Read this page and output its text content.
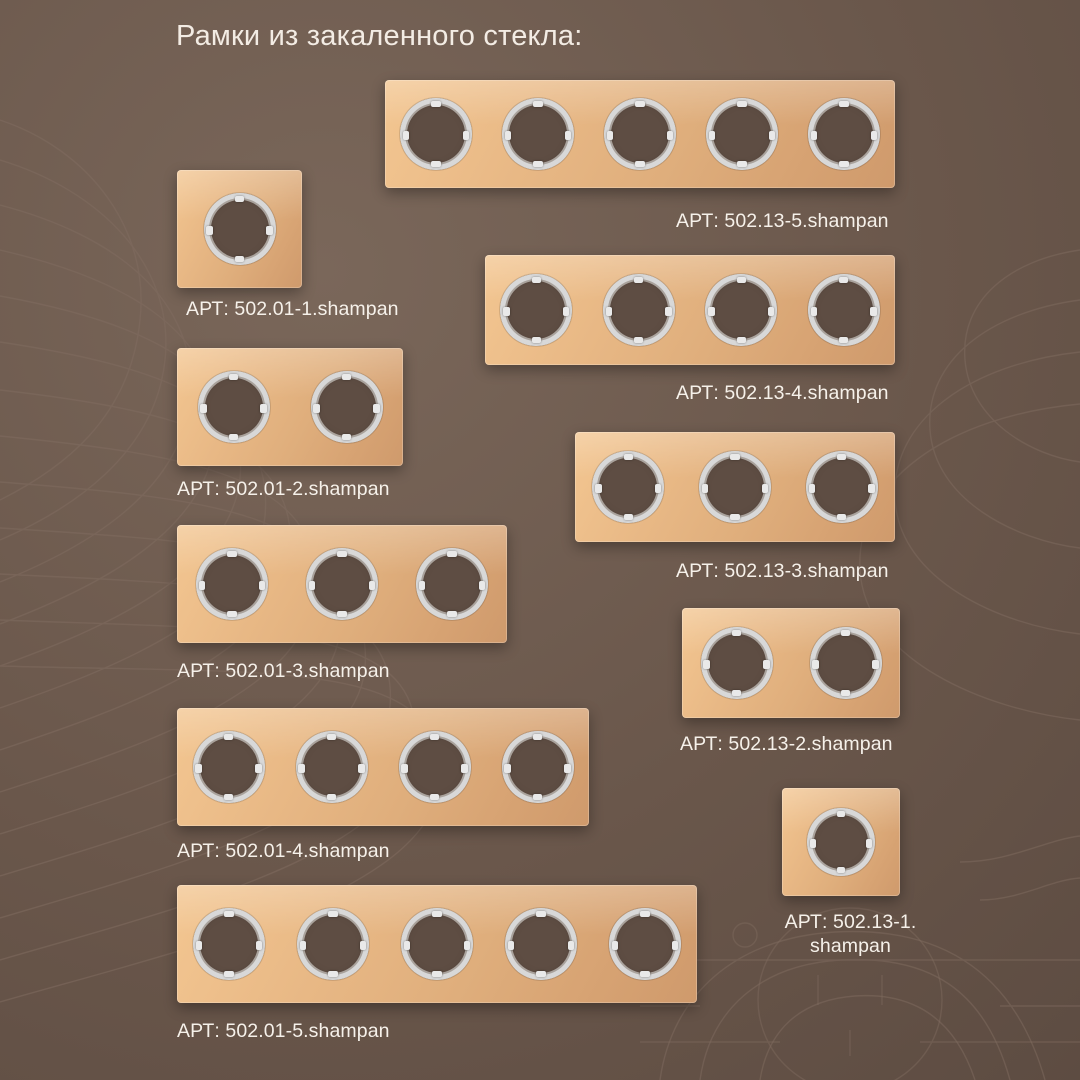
Рамки из закаленного стекла:
АРТ: 502.13-5.shampan
АРТ: 502.01-1.shampan
АРТ: 502.13-4.shampan
АРТ: 502.01-2.shampan
АРТ: 502.13-3.shampan
АРТ: 502.01-3.shampan
АРТ: 502.13-2.shampan
АРТ: 502.01-4.shampan
АРТ: 502.13-1. shampan
АРТ: 502.01-5.shampan
